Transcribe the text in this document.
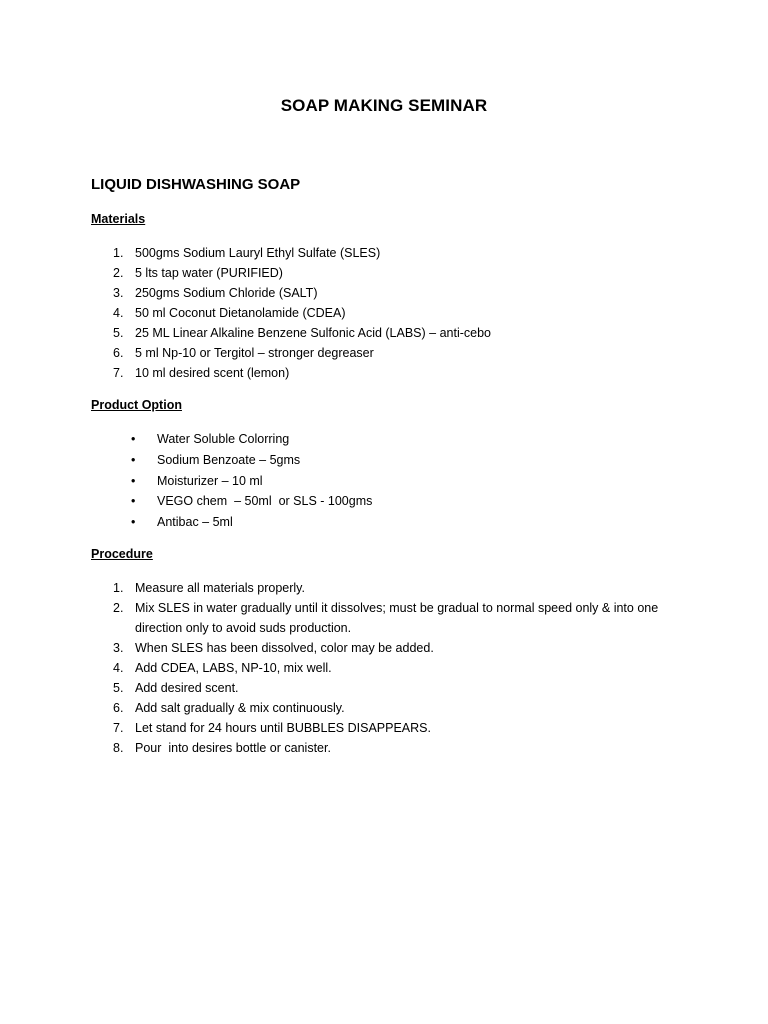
SOAP MAKING SEMINAR
LIQUID DISHWASHING SOAP
Materials
1. 500gms Sodium Lauryl Ethyl Sulfate (SLES)
2. 5 lts tap water (PURIFIED)
3. 250gms Sodium Chloride (SALT)
4. 50 ml Coconut Dietanolamide (CDEA)
5. 25 ML Linear Alkaline Benzene Sulfonic Acid (LABS) – anti-cebo
6. 5 ml Np-10 or Tergitol – stronger degreaser
7. 10 ml desired scent (lemon)
Product Option
•	Water Soluble Colorring
•	Sodium Benzoate – 5gms
•	Moisturizer – 10 ml
•	VEGO chem  – 50ml  or SLS - 100gms
•	Antibac – 5ml
Procedure
1. Measure all materials properly.
2. Mix SLES in water gradually until it dissolves; must be gradual to normal speed only & into one direction only to avoid suds production.
3. When SLES has been dissolved, color may be added.
4. Add CDEA, LABS, NP-10, mix well.
5. Add desired scent.
6. Add salt gradually & mix continuously.
7. Let stand for 24 hours until BUBBLES DISAPPEARS.
8. Pour  into desires bottle or canister.
